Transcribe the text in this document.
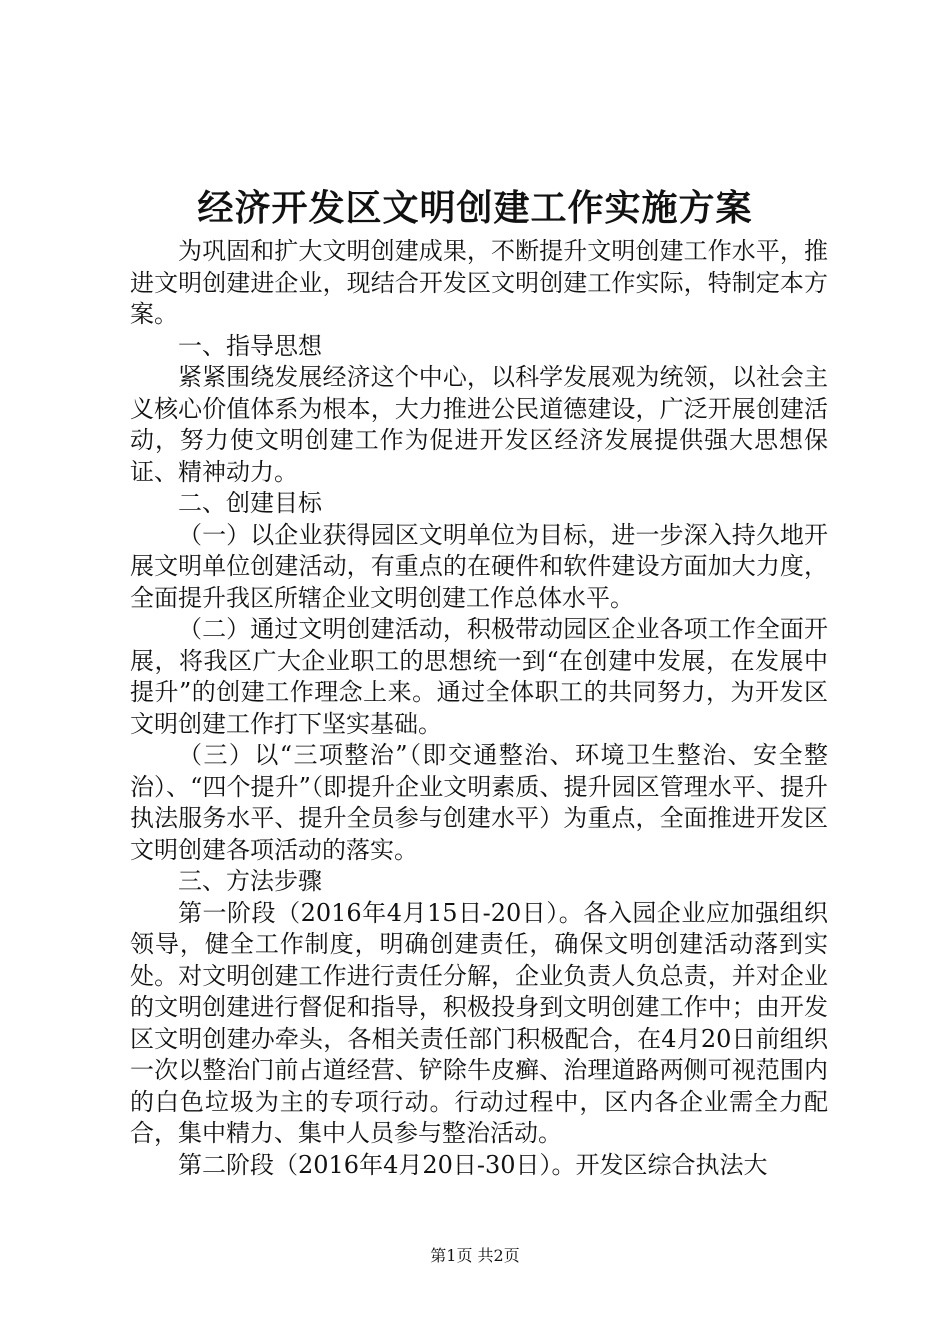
经济开发区文明创建工作实施方案

为巩固和扩大文明创建成果，不断提升文明创建工作水平，推进文明创建进企业，现结合开发区文明创建工作实际，特制定本方案。

一、指导思想

紧紧围绕发展经济这个中心，以科学发展观为统领，以社会主义核心价值体系为根本，大力推进公民道德建设，广泛开展创建活动，努力使文明创建工作为促进开发区经济发展提供强大思想保证、精神动力。

二、创建目标

（一）以企业获得园区文明单位为目标，进一步深入持久地开展文明单位创建活动，有重点的在硬件和软件建设方面加大力度，全面提升我区所辖企业文明创建工作总体水平。

（二）通过文明创建活动，积极带动园区企业各项工作全面开展，将我区广大企业职工的思想统一到“在创建中发展，在发展中提升”的创建工作理念上来。通过全体职工的共同努力，为开发区文明创建工作打下坚实基础。

（三）以“三项整治”（即交通整治、环境卫生整治、安全整治）、“四个提升”（即提升企业文明素质、提升园区管理水平、提升执法服务水平、提升全员参与创建水平）为重点，全面推进开发区文明创建各项活动的落实。

三、方法步骤

第一阶段（2016年4月15日-20日）。各入园企业应加强组织领导，健全工作制度，明确创建责任，确保文明创建活动落到实处。对文明创建工作进行责任分解，企业负责人负总责，并对企业的文明创建进行督促和指导，积极投身到文明创建工作中；由开发区文明创建办牵头，各相关责任部门积极配合，在4月20日前组织一次以整治门前占道经营、铲除牛皮癣、治理道路两侧可视范围内的白色垃圾为主的专项行动。行动过程中，区内各企业需全力配合，集中精力、集中人员参与整治活动。

第二阶段（2016年4月20日-30日）。开发区综合执法大

第1页 共2页
